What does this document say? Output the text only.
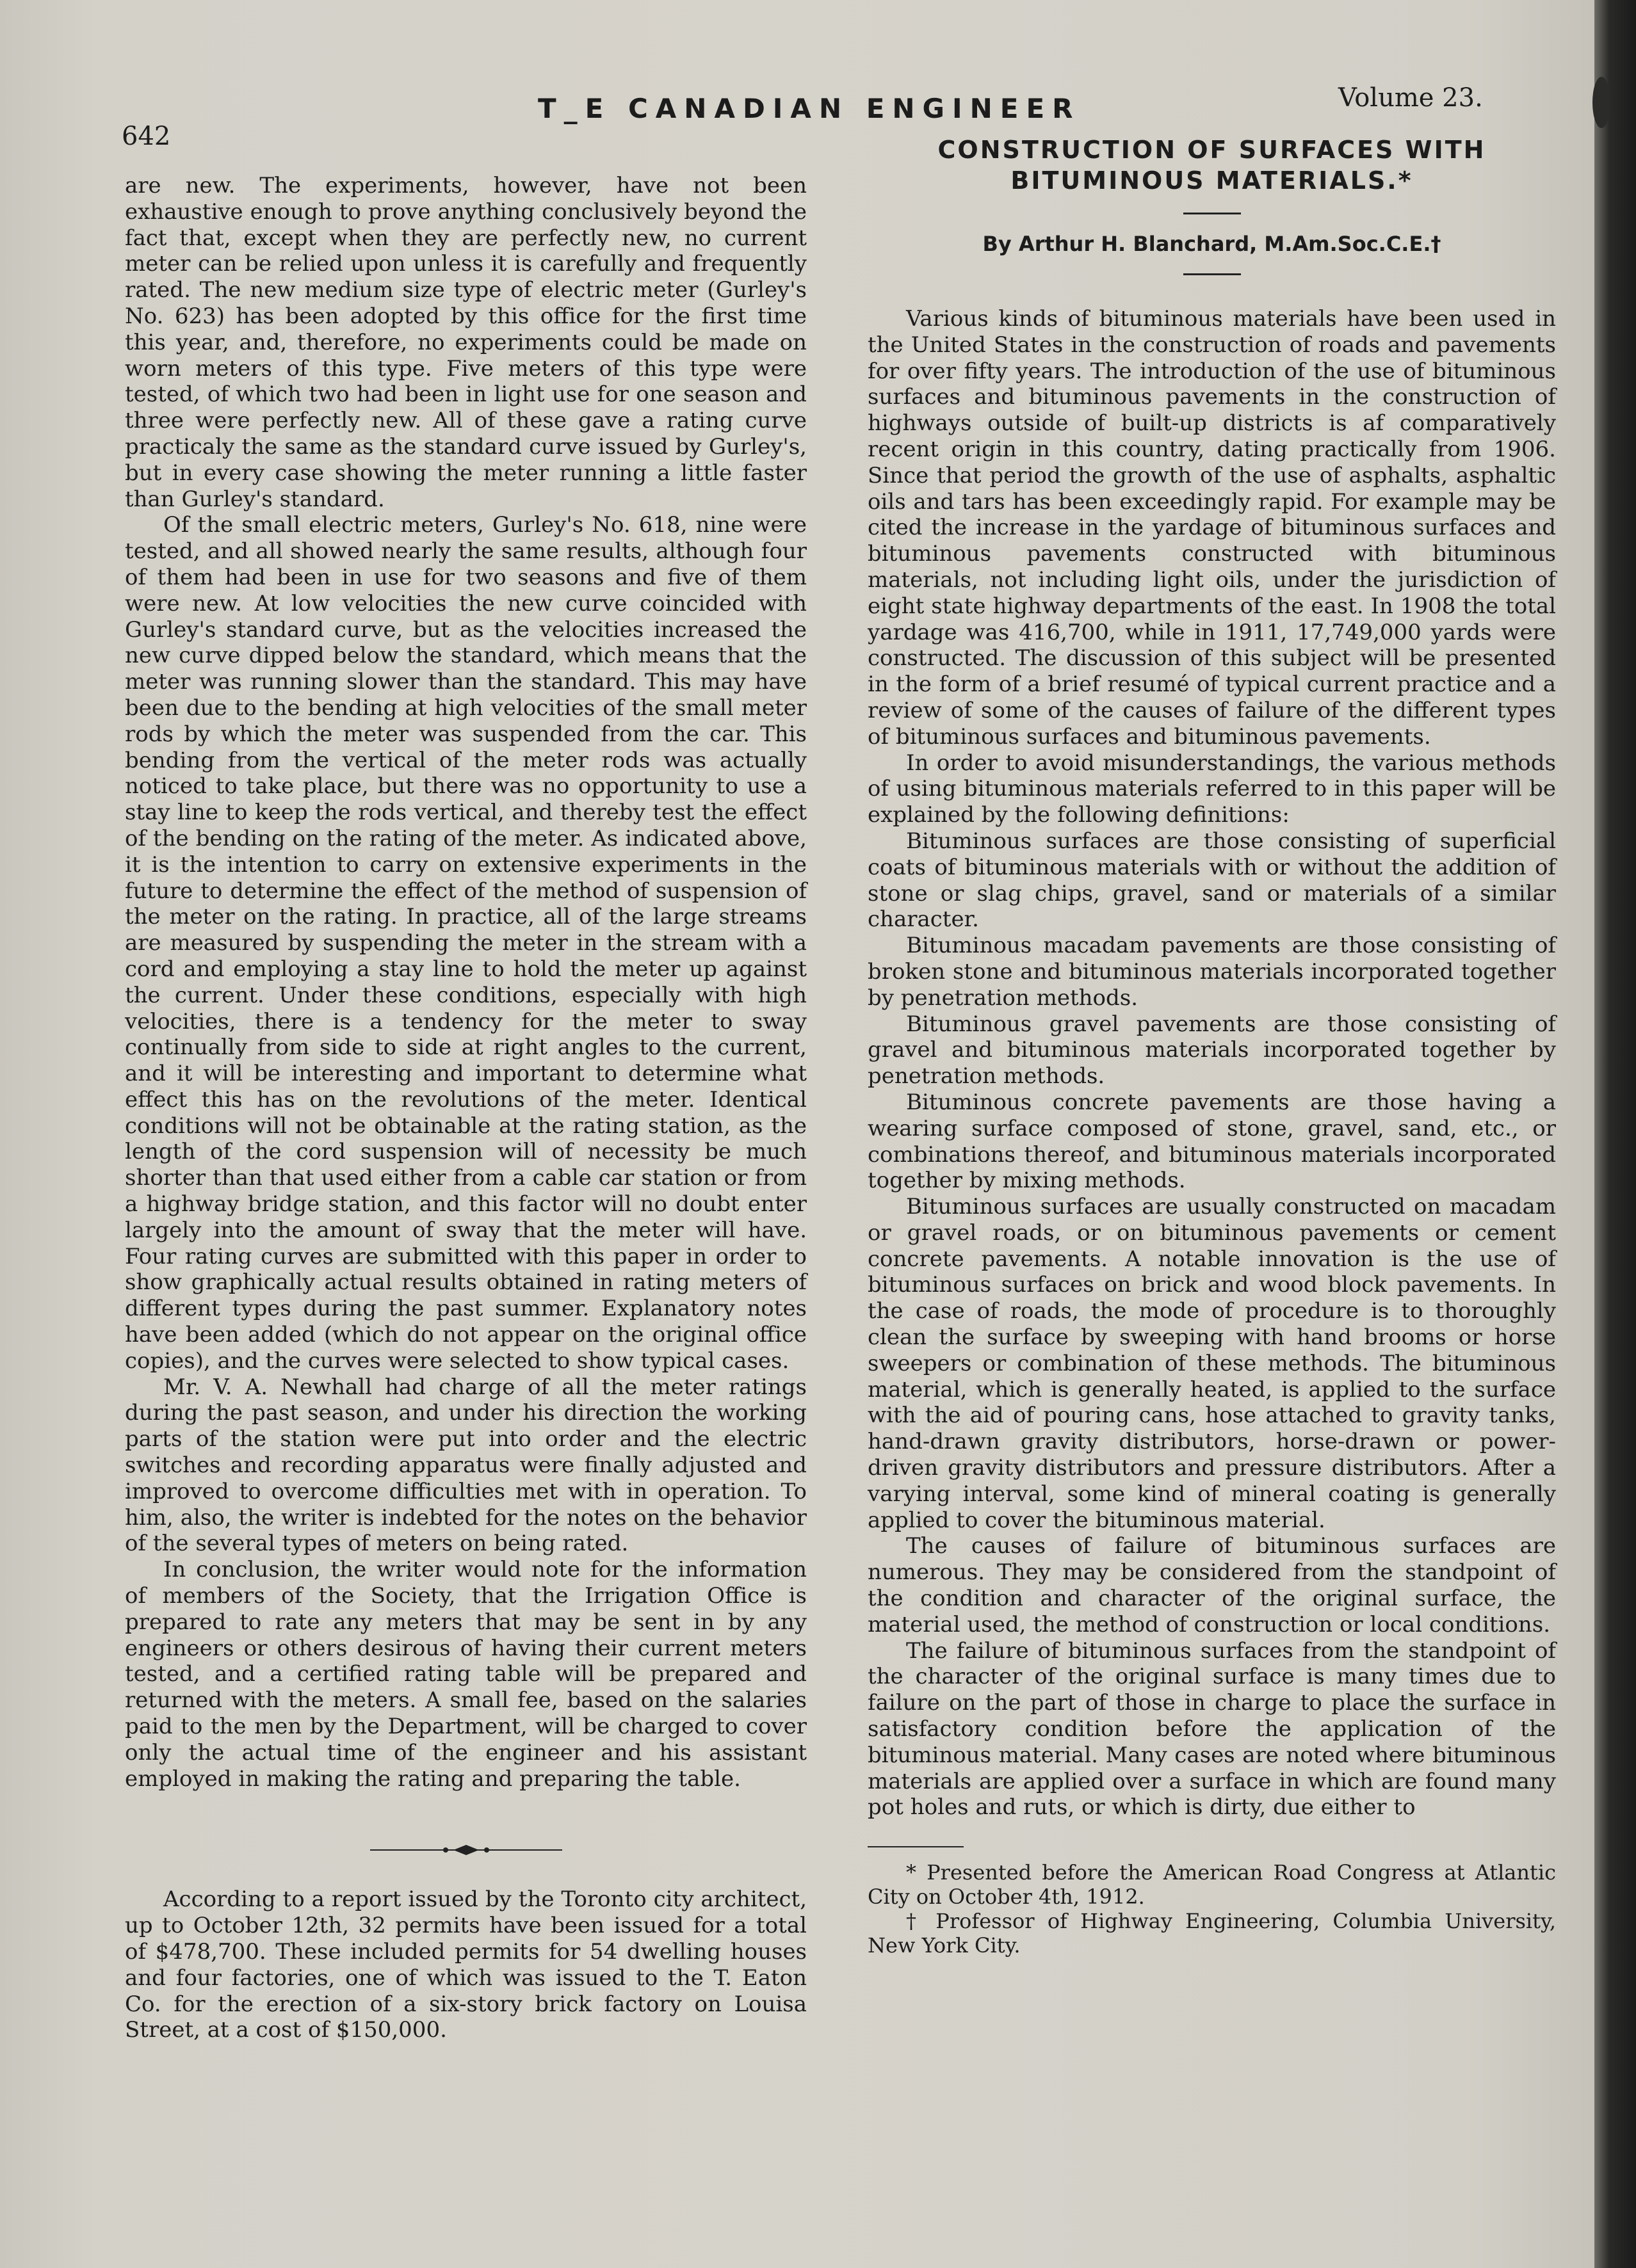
642
T_E CANADIAN ENGINEER	Volume 23.

are new. The experiments, however, have not been exhaustive enough to prove anything conclusively beyond the fact that, except when they are perfectly new, no current meter can be relied upon unless it is carefully and frequently rated. The new medium size type of electric meter (Gurley's No. 623) has been adopted by this office for the first time this year, and, therefore, no experiments could be made on worn meters of this type. Five meters of this type were tested, of which two had been in light use for one season and three were perfectly new. All of these gave a rating curve practicaly the same as the standard curve issued by Gurley's, but in every case showing the meter running a little faster than Gurley's standard.

Of the small electric meters, Gurley's No. 618, nine were tested, and all showed nearly the same results, although four of them had been in use for two seasons and five of them were new. At low velocities the new curve coincided with Gurley's standard curve, but as the velocities increased the new curve dipped below the standard, which means that the meter was running slower than the standard. This may have been due to the bending at high velocities of the small meter rods by which the meter was suspended from the car. This bending from the vertical of the meter rods was actually noticed to take place, but there was no opportunity to use a stay line to keep the rods vertical, and thereby test the effect of the bending on the rating of the meter. As indicated above, it is the intention to carry on extensive experiments in the future to determine the effect of the method of suspension of the meter on the rating. In practice, all of the large streams are measured by suspending the meter in the stream with a cord and employing a stay line to hold the meter up against the current. Under these conditions, especially with high velocities, there is a tendency for the meter to sway continually from side to side at right angles to the current, and it will be interesting and important to determine what effect this has on the revolutions of the meter. Identical conditions will not be obtainable at the rating station, as the length of the cord suspension will of necessity be much shorter than that used either from a cable car station or from a highway bridge station, and this factor will no doubt enter largely into the amount of sway that the meter will have. Four rating curves are submitted with this paper in order to show graphically actual results obtained in rating meters of different types during the past summer. Explanatory notes have been added (which do not appear on the original office copies), and the curves were selected to show typical cases.

Mr. V. A. Newhall had charge of all the meter ratings during the past season, and under his direction the working parts of the station were put into order and the electric switches and recording apparatus were finally adjusted and improved to overcome difficulties met with in operation. To him, also, the writer is indebted for the notes on the behavior of the several types of meters on being rated.

In conclusion, the writer would note for the information of members of the Society, that the Irrigation Office is prepared to rate any meters that may be sent in by any engineers or others desirous of having their current meters tested, and a certified rating table will be prepared and returned with the meters. A small fee, based on the salaries paid to the men by the Department, will be charged to cover only the actual time of the engineer and his assistant employed in making the rating and preparing the table.

According to a report issued by the Toronto city architect, up to October 12th, 32 permits have been issued for a total of $478,700. These included permits for 54 dwelling houses and four factories, one of which was issued to the T. Eaton Co. for the erection of a six-story brick factory on Louisa Street, at a cost of $150,000.

CONSTRUCTION OF SURFACES WITH

BITUMINOUS MATERIALS.*

By Arthur H. Blanchard, M.Am.Soc.C.E.†

Various kinds of bituminous materials have been used in the United States in the construction of roads and pavements for over fifty years. The introduction of the use of bituminous surfaces and bituminous pavements in the construction of highways outside of built-up districts is af comparatively recent origin in this country, dating practically from 1906. Since that period the growth of the use of asphalts, asphaltic oils and tars has been exceedingly rapid. For example may be cited the increase in the yardage of bituminous surfaces and bituminous pavements constructed with bituminous materials, not including light oils, under the jurisdiction of eight state highway departments of the east. In 1908 the total yardage was 416,700, while in 1911, 17,749,000 yards were constructed. The discussion of this subject will be presented in the form of a brief resumé of typical current practice and a review of some of the causes of failure of the different types of bituminous surfaces and bituminous pavements.

In order to avoid misunderstandings, the various methods of using bituminous materials referred to in this paper will be explained by the following definitions:

Bituminous surfaces are those consisting of superficial coats of bituminous materials with or without the addition of stone or slag chips, gravel, sand or materials of a similar character.

Bituminous macadam pavements are those consisting of broken stone and bituminous materials incorporated together by penetration methods.

Bituminous gravel pavements are those consisting of gravel and bituminous materials incorporated together by penetration methods.

Bituminous concrete pavements are those having a wearing surface composed of stone, gravel, sand, etc., or combinations thereof, and bituminous materials incorporated together by mixing methods.

Bituminous surfaces are usually constructed on macadam or gravel roads, or on bituminous pavements or cement concrete pavements. A notable innovation is the use of bituminous surfaces on brick and wood block pavements. In the case of roads, the mode of procedure is to thoroughly clean the surface by sweeping with hand brooms or horse sweepers or combination of these methods. The bituminous material, which is generally heated, is applied to the surface with the aid of pouring cans, hose attached to gravity tanks, hand-drawn gravity distributors, horse-drawn or power-driven gravity distributors and pressure distributors. After a varying interval, some kind of mineral coating is generally applied to cover the bituminous material.

The causes of failure of bituminous surfaces are numerous. They may be considered from the standpoint of the condition and character of the original surface, the material used, the method of construction or local conditions.

The failure of bituminous surfaces from the standpoint of the character of the original surface is many times due to failure on the part of those in charge to place the surface in satisfactory condition before the application of the bituminous material. Many cases are noted where bituminous materials are applied over a surface in which are found many pot holes and ruts, or which is dirty, due either to

* Presented before the American Road Congress at Atlantic City on October 4th, 1912.

† Professor of Highway Engineering, Columbia University, New York City.
